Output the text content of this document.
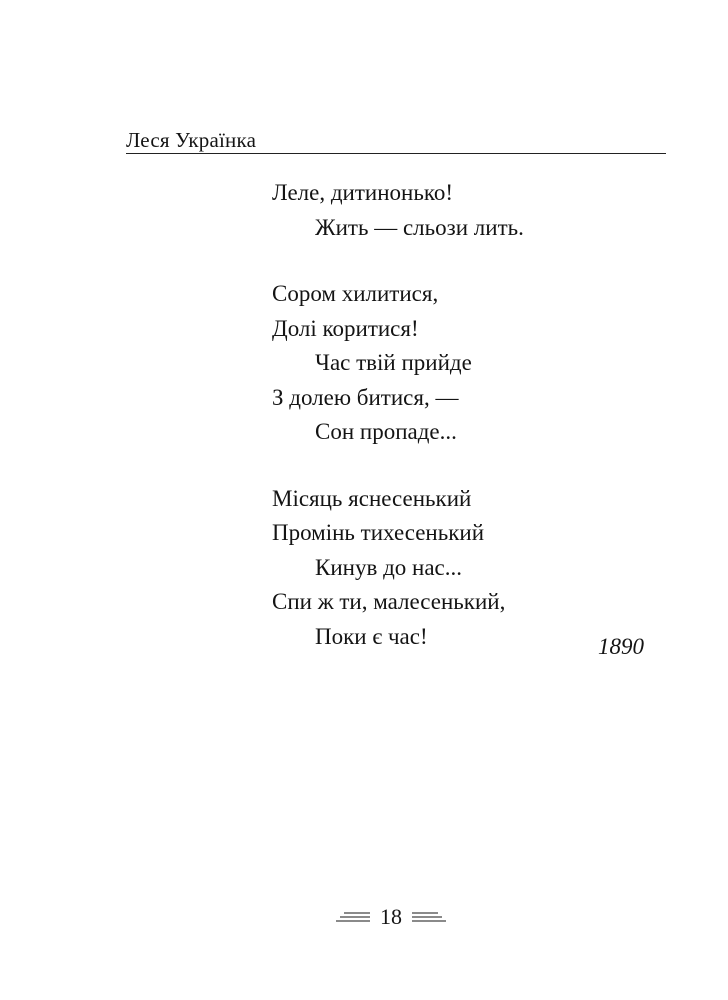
Леся Українка
Леле, дитинонько!
Жить — сльози лить.
Сором хилитися,
Долі коритися!
Час твій прийде
З долею битися, —
Сон пропаде...
Місяць яснесенький
Промінь тихесенький
Кинув до нас...
Спи ж ти, малесенький,
Поки є час!	1890
18
